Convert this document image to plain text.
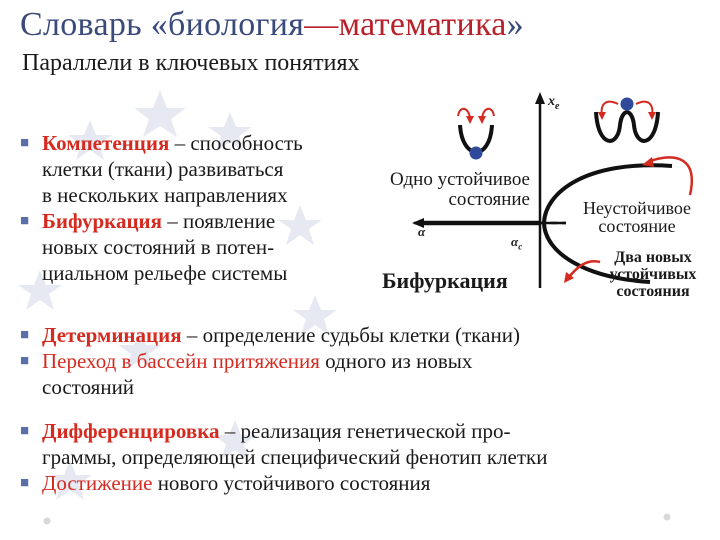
Словарь «биология—математика»
Параллели в ключевых понятиях
■ Компетенция – способность
клетки (ткани) развиваться
в нескольких направлениях
■ Бифуркация – появление
новых состояний в потен-
циальном рельефе системы
$x_e$
α
$\alpha_c$
Одно устойчивое
состояние	Неустойчивое
состояние
Бифуркация
Два новых
устойчивых
состояния
■ Детерминация – определение судьбы клетки (ткани)
■ Переход в бассейн притяжения одного из новых
состояний
■ Дифференцировка – реализация генетической про-
граммы, определяющей специфический фенотип клетки
■ Достижение нового устойчивого состояния
